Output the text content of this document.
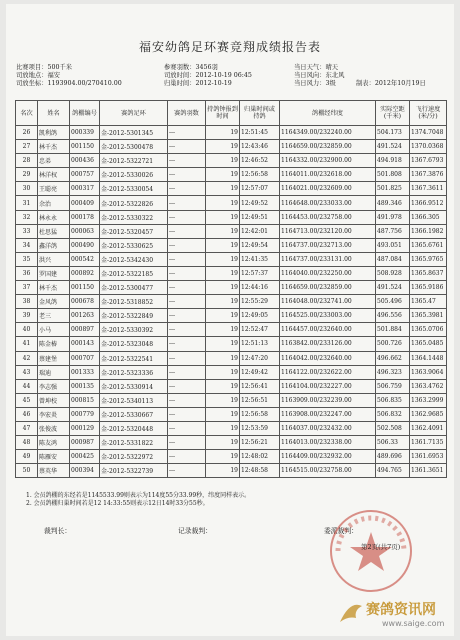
福安幼鸽足环赛竞翔成绩报告表
比赛项目：500千米
司放地点：福安
司放坐标：1193904.00/270410.00
参赛羽数：3456羽
司放时间：2012-10-19 06:45
归巢时间：2012-10-19
当日天气：晴天
当日风向：东北风
当日风力：3级	制表：2012年10月19日
名次	姓名	鸽棚编号	赛鸽足环	赛鸽羽数	持鸽钟报到时间	归巢时间或持鸽	鸽棚经纬度	实际空距(千米)	飞行速度(米/分)
26	凯利鸽	000339	金-2012-5301345	---	19	12:51:45	1164349.00/232240.00	504.173	1374.7048
27	林千杰	001150	金-2012-5300478	---	19	12:43:46	1164659.00/232859.00	491.524	1370.0368
28	忠弟	000436	金-2012-5322721	---	19	12:46:52	1164332.00/232900.00	494.918	1367.6793
29	林洋权	000757	金-2012-5330026	---	19	12:56:58	1164011.00/232618.00	501.808	1367.3876
30	王聪亮	000317	金-2012-5330054	---	19	12:57:07	1164021.00/232609.00	501.825	1367.3611
31	余治	000409	金-2012-5322826	---	19	12:49:52	1164648.00/233033.00	489.346	1366.9512
32	林永永	000178	金-2012-5330322	---	19	12:49:51	1164453.00/232758.00	491.978	1366.305
33	杜思猛	000063	金-2012-5320457	---	19	12:42:01	1164713.00/232120.00	487.756	1366.1982
34	鑫洋鸽	000490	金-2012-5330625	---	19	12:49:54	1164737.00/232713.00	493.051	1365.6761
35	洪兴	000542	金-2012-5342430	---	19	12:41:35	1164737.00/233131.00	487.084	1365.9765
36	罗国建	000892	金-2012-5322185	---	19	12:57:37	1164040.00/232250.00	508.928	1365.8637
37	林千杰	001150	金-2012-5300477	---	19	12:44:16	1164659.00/232859.00	491.524	1365.9186
38	金风鸽	000678	金-2012-5318852	---	19	12:55:29	1164048.00/232741.00	505.496	1365.47
39	老三	001263	金-2012-5322849	---	19	12:49:05	1164525.00/233003.00	496.556	1365.3981
40	小马	000897	金-2012-5330392	---	19	12:52:47	1164457.00/232640.00	501.884	1365.0706
41	陈金椿	000143	金-2012-5323048	---	19	12:51:13	1163842.00/233126.00	500.726	1365.0485
42	蔡建堡	000707	金-2012-5322541	---	19	12:47:20	1164042.00/232640.00	496.662	1364.1448
43	瑞迪	001333	金-2012-5323336	---	19	12:49:42	1164122.00/232622.00	496.323	1363.9064
44	李志强	000135	金-2012-5330914	---	19	12:56:41	1164104.00/232227.00	506.759	1363.4762
45	曾坤校	000815	金-2012-5340113	---	19	12:56:51	1163909.00/232239.00	506.835	1363.2999
46	李宏炎	000779	金-2012-5330667	---	19	12:56:58	1163908.00/232247.00	506.832	1362.9685
47	张俊波	000129	金-2012-5320448	---	19	12:53:59	1164037.00/232432.00	502.508	1362.4091
48	陈友鸿	000987	金-2012-5331822	---	19	12:56:21	1164013.00/232338.00	506.33	1361.7135
49	陈雁安	000425	金-2012-5322972	---	19	12:48:02	1164409.00/232932.00	489.696	1361.6953
50	蔡英华	000394	金-2012-5322739	---	19	12:48:58	1164515.00/232758.00	494.765	1361.3651
1. 会员鸽棚的东经若是1145533.99则表示为114度55分33.99秒，纬度同样表示。
2. 会员鸽棚归巢时间若是12 14:33:55则表示12日14时33分55秒。
裁判长：	记录裁判：	委派裁判：
第2页(共7页)
赛鸽资讯网
www.saige.com
